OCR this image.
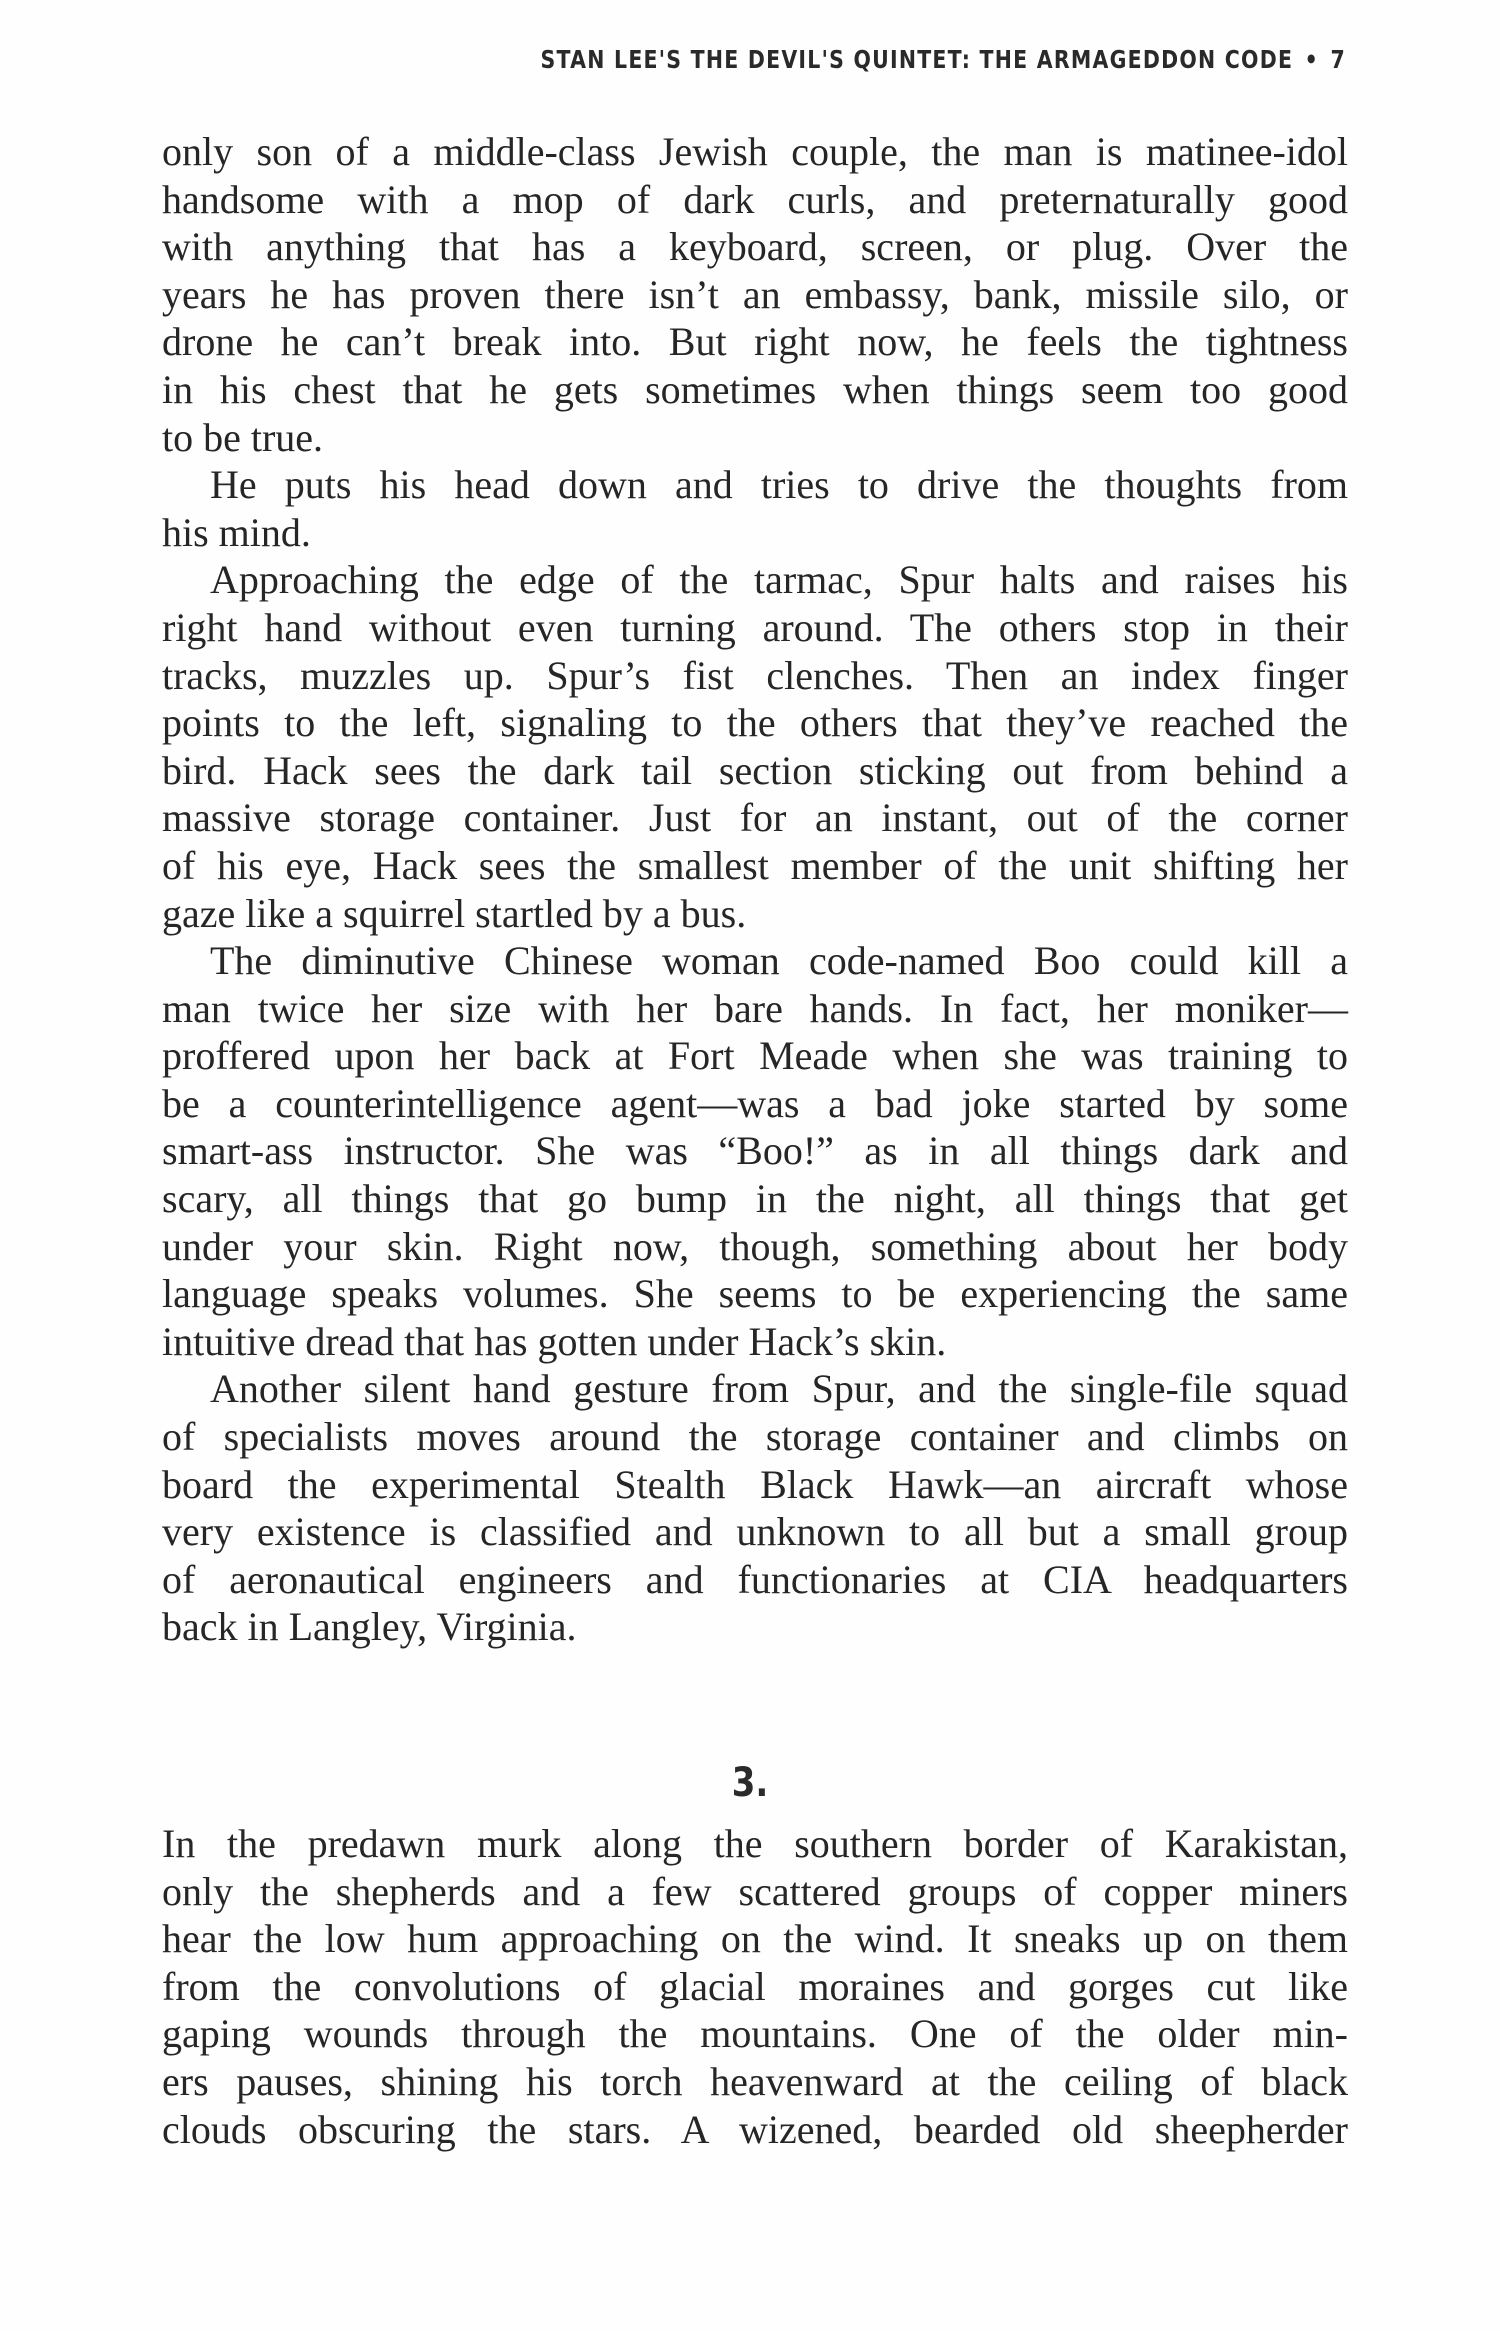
STAN LEE'S THE DEVIL'S QUINTET: THE ARMAGEDDON CODE • 7
only son of a middle-class Jewish couple, the man is matinee-idol
handsome with a mop of dark curls, and preternaturally good
with anything that has a keyboard, screen, or plug. Over the
years he has proven there isn’t an embassy, bank, missile silo, or
drone he can’t break into. But right now, he feels the tightness
in his chest that he gets sometimes when things seem too good
to be true.
He puts his head down and tries to drive the thoughts from
his mind.
Approaching the edge of the tarmac, Spur halts and raises his
right hand without even turning around. The others stop in their
tracks, muzzles up. Spur’s fist clenches. Then an index finger
points to the left, signaling to the others that they’ve reached the
bird. Hack sees the dark tail section sticking out from behind a
massive storage container. Just for an instant, out of the corner
of his eye, Hack sees the smallest member of the unit shifting her
gaze like a squirrel startled by a bus.
The diminutive Chinese woman code-named Boo could kill a
man twice her size with her bare hands. In fact, her moniker—
proffered upon her back at Fort Meade when she was training to
be a counterintelligence agent—was a bad joke started by some
smart-ass instructor. She was “Boo!” as in all things dark and
scary, all things that go bump in the night, all things that get
under your skin. Right now, though, something about her body
language speaks volumes. She seems to be experiencing the same
intuitive dread that has gotten under Hack’s skin.
Another silent hand gesture from Spur, and the single-file squad
of specialists moves around the storage container and climbs on
board the experimental Stealth Black Hawk—an aircraft whose
very existence is classified and unknown to all but a small group
of aeronautical engineers and functionaries at CIA headquarters
back in Langley, Virginia.
3.
In the predawn murk along the southern border of Karakistan,
only the shepherds and a few scattered groups of copper miners
hear the low hum approaching on the wind. It sneaks up on them
from the convolutions of glacial moraines and gorges cut like
gaping wounds through the mountains. One of the older min-
ers pauses, shining his torch heavenward at the ceiling of black
clouds obscuring the stars. A wizened, bearded old sheepherder
